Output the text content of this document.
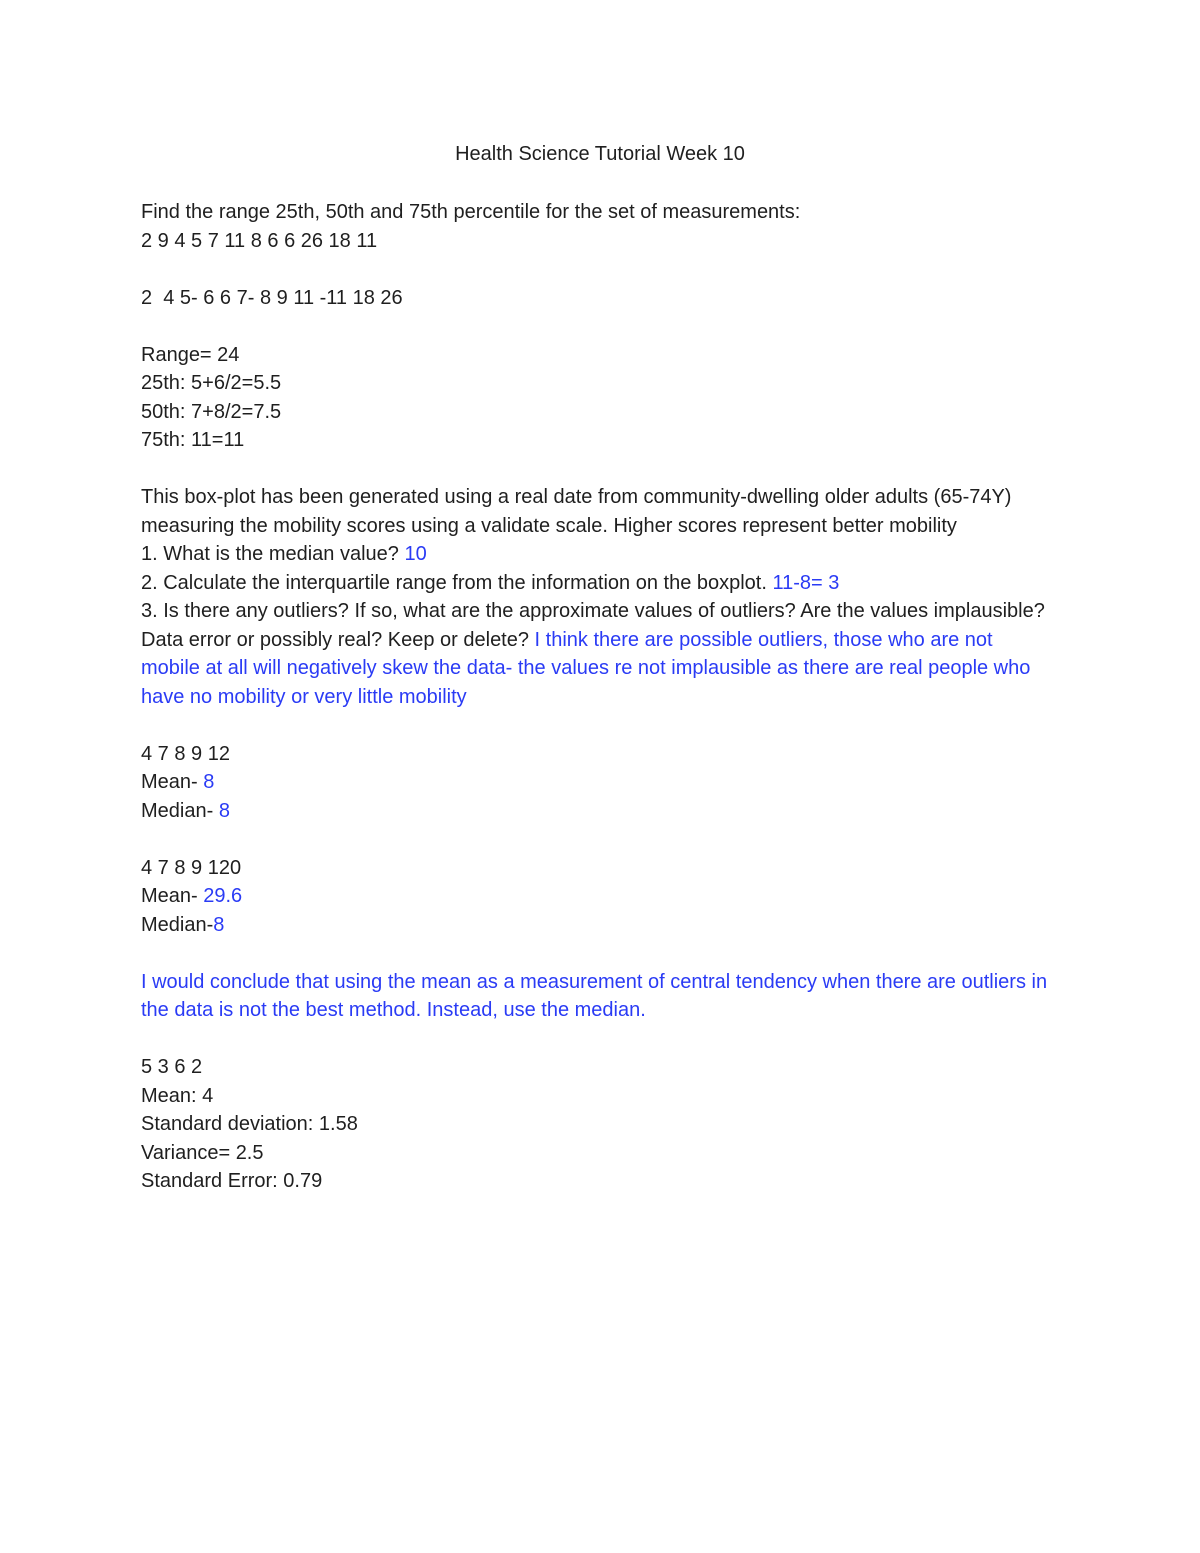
Health Science Tutorial Week 10
Find the range 25th, 50th and 75th percentile for the set of measurements:
2 9 4 5 7 11 8 6 6 26 18 11
2  4 5- 6 6 7- 8 9 11 -11 18 26
Range= 24
25th: 5+6/2=5.5
50th: 7+8/2=7.5
75th: 11=11
This box-plot has been generated using a real date from community-dwelling older adults (65-74Y) measuring the mobility scores using a validate scale. Higher scores represent better mobility
1. What is the median value? 10
2. Calculate the interquartile range from the information on the boxplot. 11-8= 3
3. Is there any outliers? If so, what are the approximate values of outliers? Are the values implausible? Data error or possibly real? Keep or delete? I think there are possible outliers, those who are not mobile at all will negatively skew the data- the values re not implausible as there are real people who have no mobility or very little mobility
4 7 8 9 12
Mean- 8
Median- 8
4 7 8 9 120
Mean- 29.6
Median-8
I would conclude that using the mean as a measurement of central tendency when there are outliers in the data is not the best method. Instead, use the median.
5 3 6 2
Mean: 4
Standard deviation: 1.58
Variance= 2.5
Standard Error: 0.79
